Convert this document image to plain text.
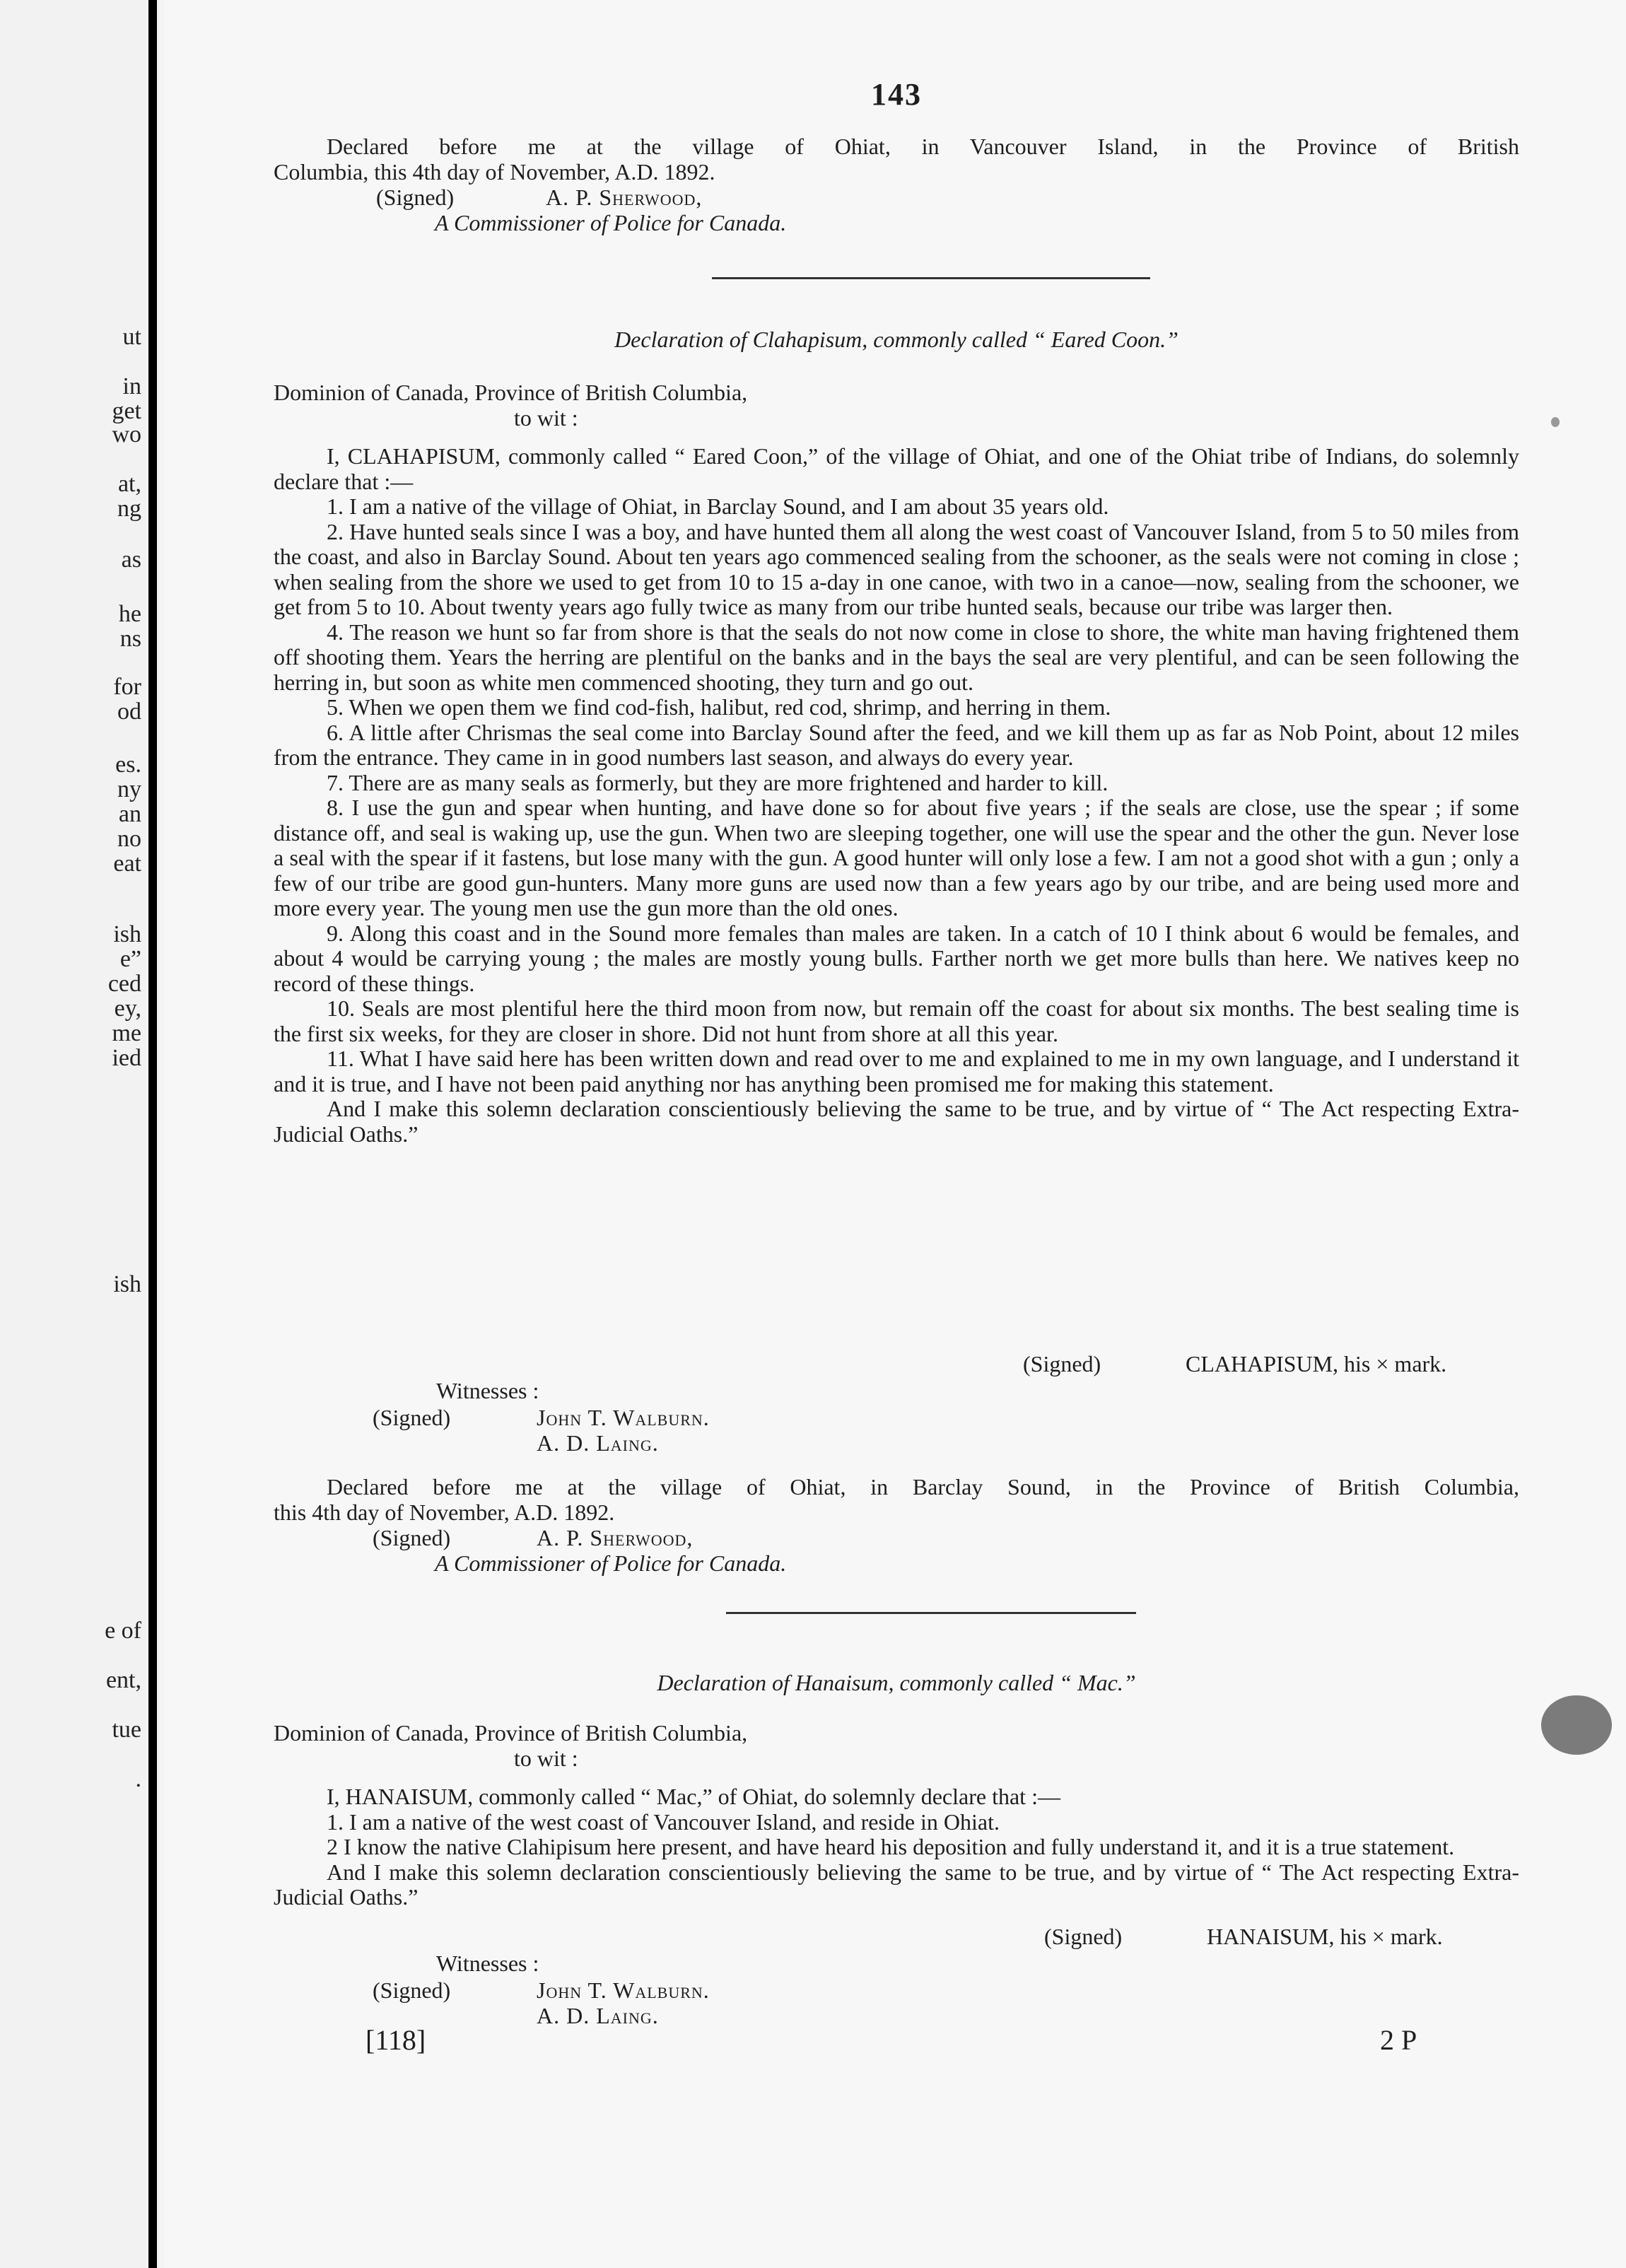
ut
in
get
wo
at,
ng
as
he
ns
for
od
es.
ny
an
no
eat
ish
e”
ced
ey,
me
ied
ish
e of
ent,
tue
.
143

Declared before me at the village of Ohiat, in Vancouver Island, in the Province of British

Columbia, this 4th day of November, A.D. 1892.

(Signed)	A. P. Sherwood,
A Commissioner of Police for Canada.
Declaration of Clahapisum, commonly called “ Eared Coon.”
Dominion of Canada, Province of British Columbia,
to wit :

I, CLAHAPISUM, commonly called “ Eared Coon,” of the village of Ohiat, and one of the Ohiat tribe of Indians, do solemnly declare that :—

1. I am a native of the village of Ohiat, in Barclay Sound, and I am about 35 years old.

2. Have hunted seals since I was a boy, and have hunted them all along the west coast of Vancouver Island, from 5 to 50 miles from the coast, and also in Barclay Sound. About ten years ago commenced sealing from the schooner, as the seals were not coming in close ; when sealing from the shore we used to get from 10 to 15 a-day in one canoe, with two in a canoe—now, sealing from the schooner, we get from 5 to 10. About twenty years ago fully twice as many from our tribe hunted seals, because our tribe was larger then.

4. The reason we hunt so far from shore is that the seals do not now come in close to shore, the white man having frightened them off shooting them. Years the herring are plentiful on the banks and in the bays the seal are very plentiful, and can be seen following the herring in, but soon as white men commenced shooting, they turn and go out.

5. When we open them we find cod-fish, halibut, red cod, shrimp, and herring in them.

6. A little after Chrismas the seal come into Barclay Sound after the feed, and we kill them up as far as Nob Point, about 12 miles from the entrance. They came in in good numbers last season, and always do every year.

7. There are as many seals as formerly, but they are more frightened and harder to kill.

8. I use the gun and spear when hunting, and have done so for about five years ; if the seals are close, use the spear ; if some distance off, and seal is waking up, use the gun. When two are sleeping together, one will use the spear and the other the gun. Never lose a seal with the spear if it fastens, but lose many with the gun. A good hunter will only lose a few. I am not a good shot with a gun ; only a few of our tribe are good gun-hunters. Many more guns are used now than a few years ago by our tribe, and are being used more and more every year. The young men use the gun more than the old ones.

9. Along this coast and in the Sound more females than males are taken. In a catch of 10 I think about 6 would be females, and about 4 would be carrying young ; the males are mostly young bulls. Farther north we get more bulls than here. We natives keep no record of these things.

10. Seals are most plentiful here the third moon from now, but remain off the coast for about six months. The best sealing time is the first six weeks, for they are closer in shore. Did not hunt from shore at all this year.

11. What I have said here has been written down and read over to me and explained to me in my own language, and I understand it and it is true, and I have not been paid anything nor has anything been promised me for making this statement.

And I make this solemn declaration conscientiously believing the same to be true, and by virtue of “ The Act respecting Extra-Judicial Oaths.”

(Signed)	CLAHAPISUM, his × mark.
Witnesses :
(Signed)	John T. Walburn.
A. D. Laing.

Declared before me at the village of Ohiat, in Barclay Sound, in the Province of British Columbia,

this 4th day of November, A.D. 1892.

(Signed)	A. P. Sherwood,
A Commissioner of Police for Canada.
Declaration of Hanaisum, commonly called “ Mac.”
Dominion of Canada, Province of British Columbia,
to wit :

I, HANAISUM, commonly called “ Mac,” of Ohiat, do solemnly declare that :—

1. I am a native of the west coast of Vancouver Island, and reside in Ohiat.

2 I know the native Clahipisum here present, and have heard his deposition and fully understand it, and it is a true statement.

And I make this solemn declaration conscientiously believing the same to be true, and by virtue of “ The Act respecting Extra-Judicial Oaths.”

(Signed)	HANAISUM, his × mark.
Witnesses :
(Signed)	John T. Walburn.
A. D. Laing.
[118]	2 P
